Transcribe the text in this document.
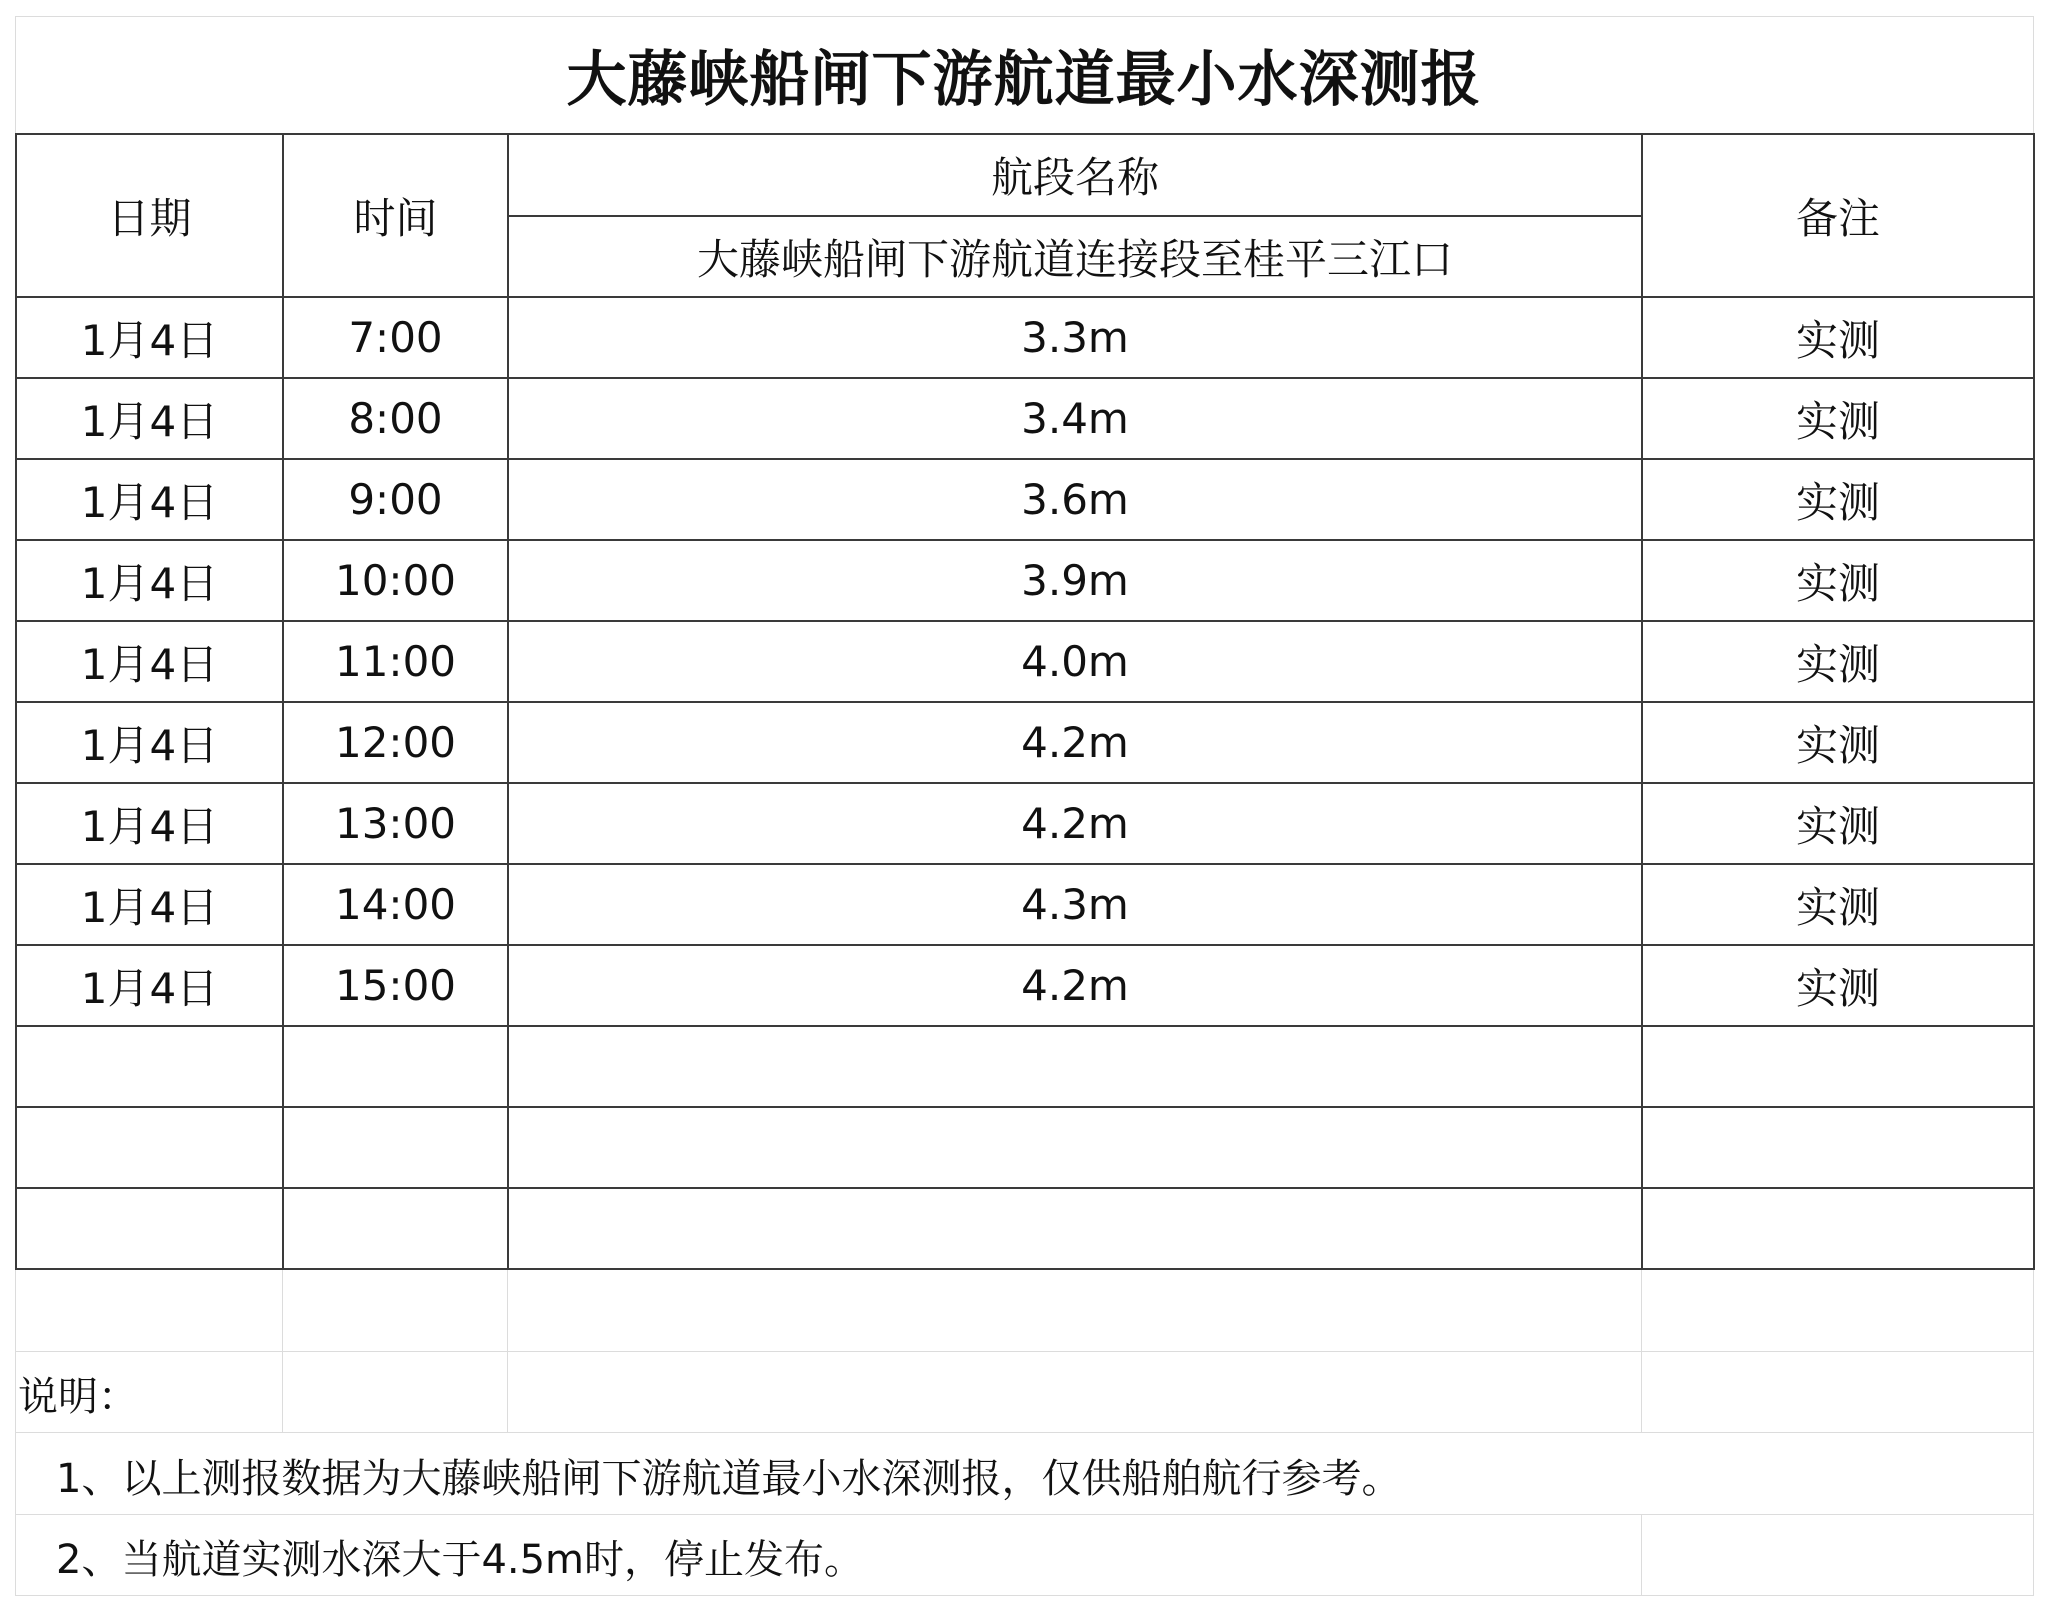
大藤峡船闸下游航道最小水深测报
日期	时间	航段名称	备注
		大藤峡船闸下游航道连接段至桂平三江口	
1月4日	7:00	3.3m	实测
1月4日	8:00	3.4m	实测
1月4日	9:00	3.6m	实测
1月4日	10:00	3.9m	实测
1月4日	11:00	4.0m	实测
1月4日	12:00	4.2m	实测
1月4日	13:00	4.2m	实测
1月4日	14:00	4.3m	实测
1月4日	15:00	4.2m	实测

说明：
1、以上测报数据为大藤峡船闸下游航道最小水深测报，仅供船舶航行参考。
2、当航道实测水深大于4.5m时，停止发布。
